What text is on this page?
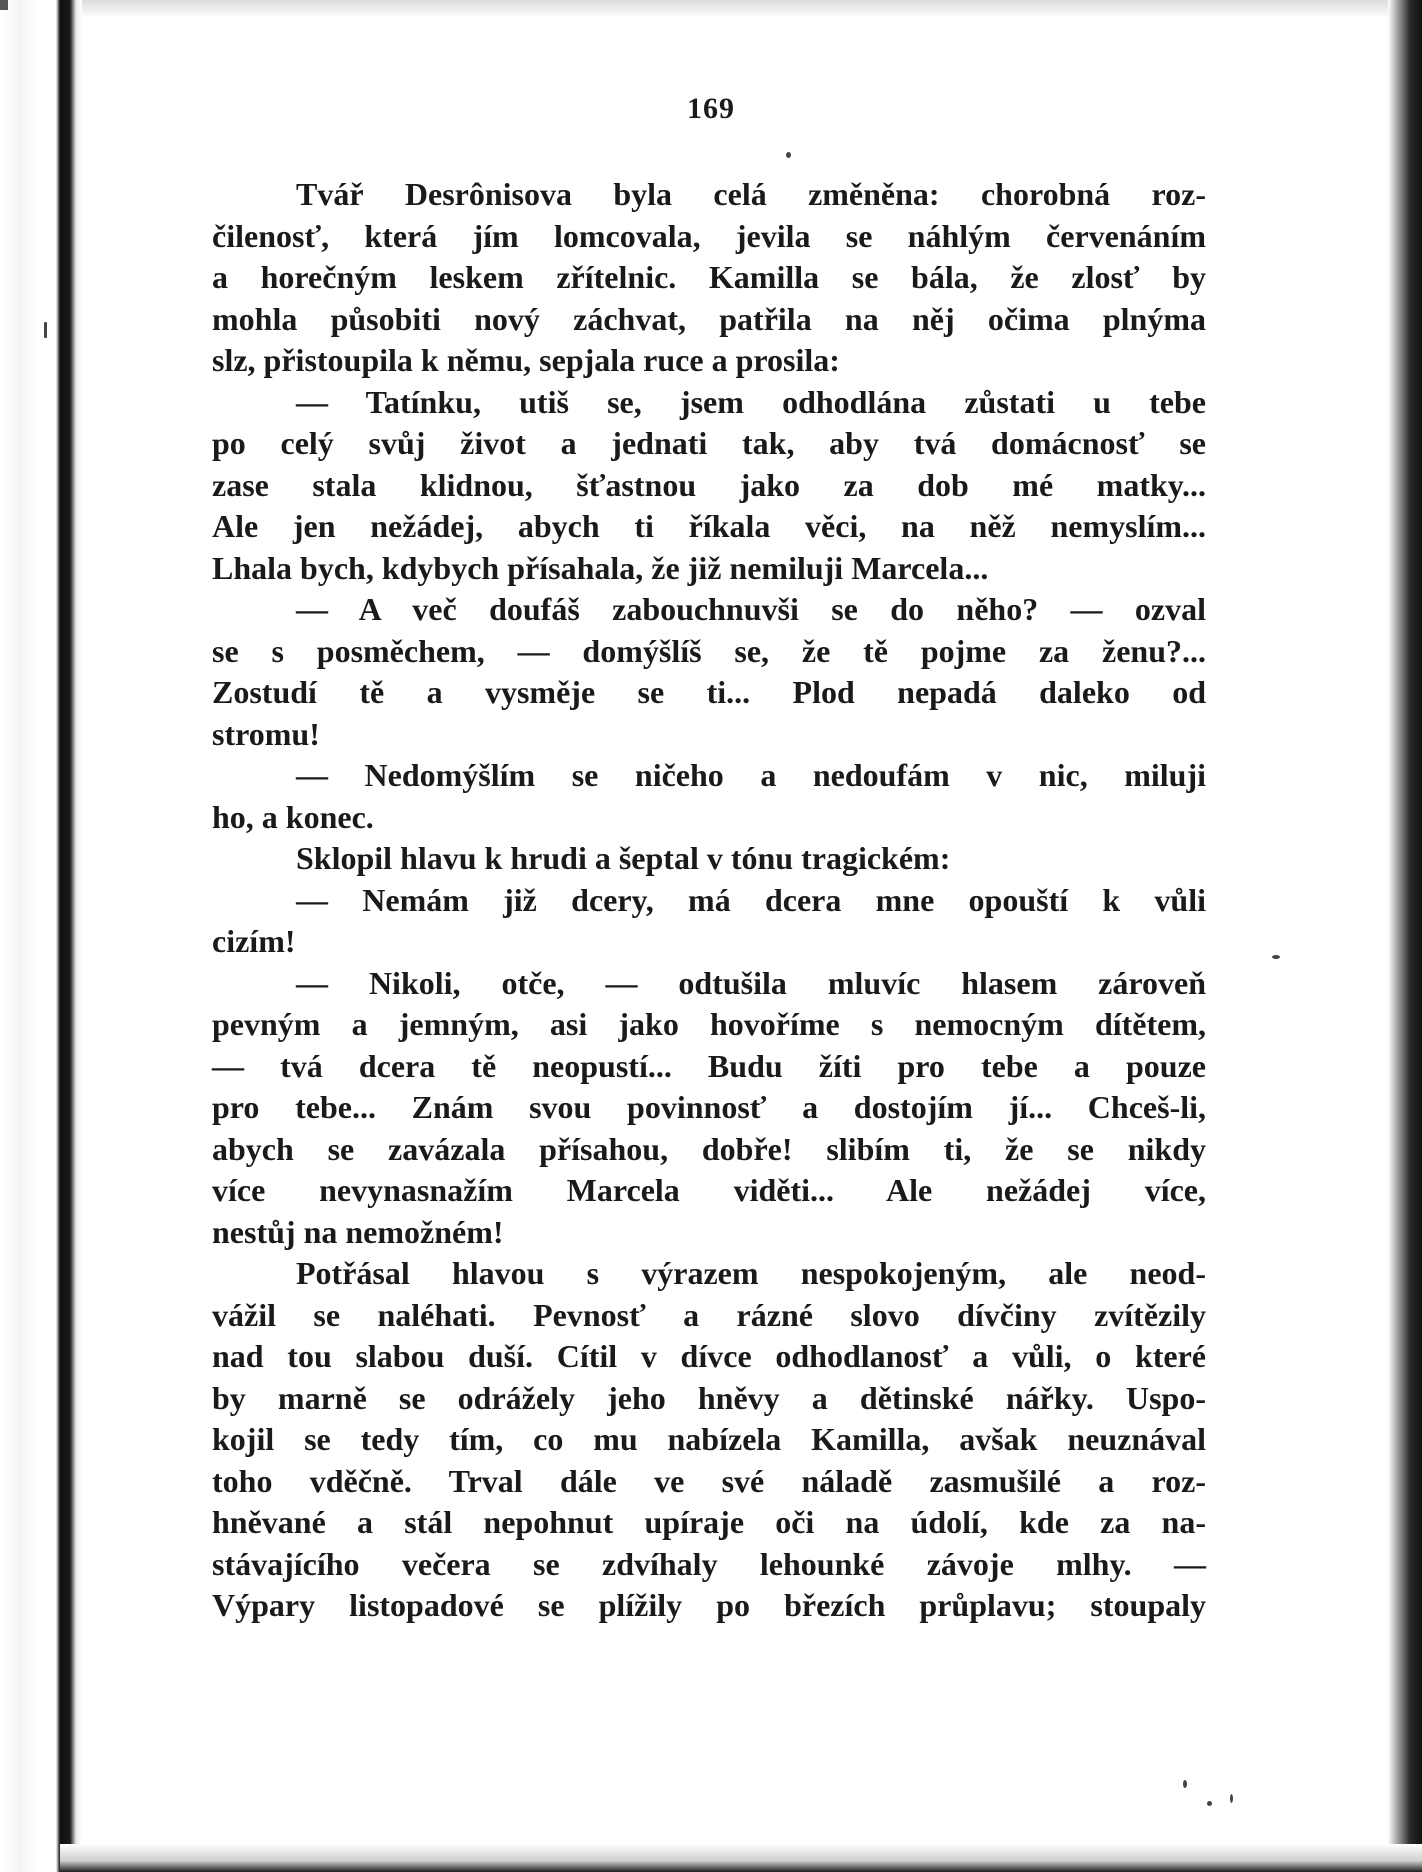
169
Tvář Desrônisova byla celá změněna: chorobná roz-
čilenosť, která jím lomcovala, jevila se náhlým červenáním
a horečným leskem zřítelnic. Kamilla se bála, že zlosť by
mohla působiti nový záchvat, patřila na něj očima plnýma
slz, přistoupila k němu, sepjala ruce a prosila:
— Tatínku, utiš se, jsem odhodlána zůstati u tebe
po celý svůj život a jednati tak, aby tvá domácnosť se
zase stala klidnou, šťastnou jako za dob mé matky...
Ale jen nežádej, abych ti říkala věci, na něž nemyslím...
Lhala bych, kdybych přísahala, že již nemiluji Marcela...
— A več doufáš zabouchnuvši se do něho? — ozval
se s posměchem, — domýšlíš se, že tě pojme za ženu?...
Zostudí tě a vysměje se ti... Plod nepadá daleko od
stromu!
— Nedomýšlím se ničeho a nedoufám v nic, miluji
ho, a konec.
Sklopil hlavu k hrudi a šeptal v tónu tragickém:
— Nemám již dcery, má dcera mne opouští k vůli
cizím!
— Nikoli, otče, — odtušila mluvíc hlasem zároveň
pevným a jemným, asi jako hovoříme s nemocným dítětem,
— tvá dcera tě neopustí... Budu žíti pro tebe a pouze
pro tebe... Znám svou povinnosť a dostojím jí... Chceš-li,
abych se zavázala přísahou, dobře! slibím ti, že se nikdy
více nevynasnažím Marcela viděti... Ale nežádej více,
nestůj na nemožném!
Potřásal hlavou s výrazem nespokojeným, ale neod-
vážil se naléhati. Pevnosť a rázné slovo dívčiny zvítězily
nad tou slabou duší. Cítil v dívce odhodlanosť a vůli, o které
by marně se odrážely jeho hněvy a dětinské nářky. Uspo-
kojil se tedy tím, co mu nabízela Kamilla, avšak neuznával
toho vděčně. Trval dále ve své náladě zasmušilé a roz-
hněvané a stál nepohnut upíraje oči na údolí, kde za na-
stávajícího večera se zdvíhaly lehounké závoje mlhy. —
Výpary listopadové se plížily po březích průplavu; stoupaly
